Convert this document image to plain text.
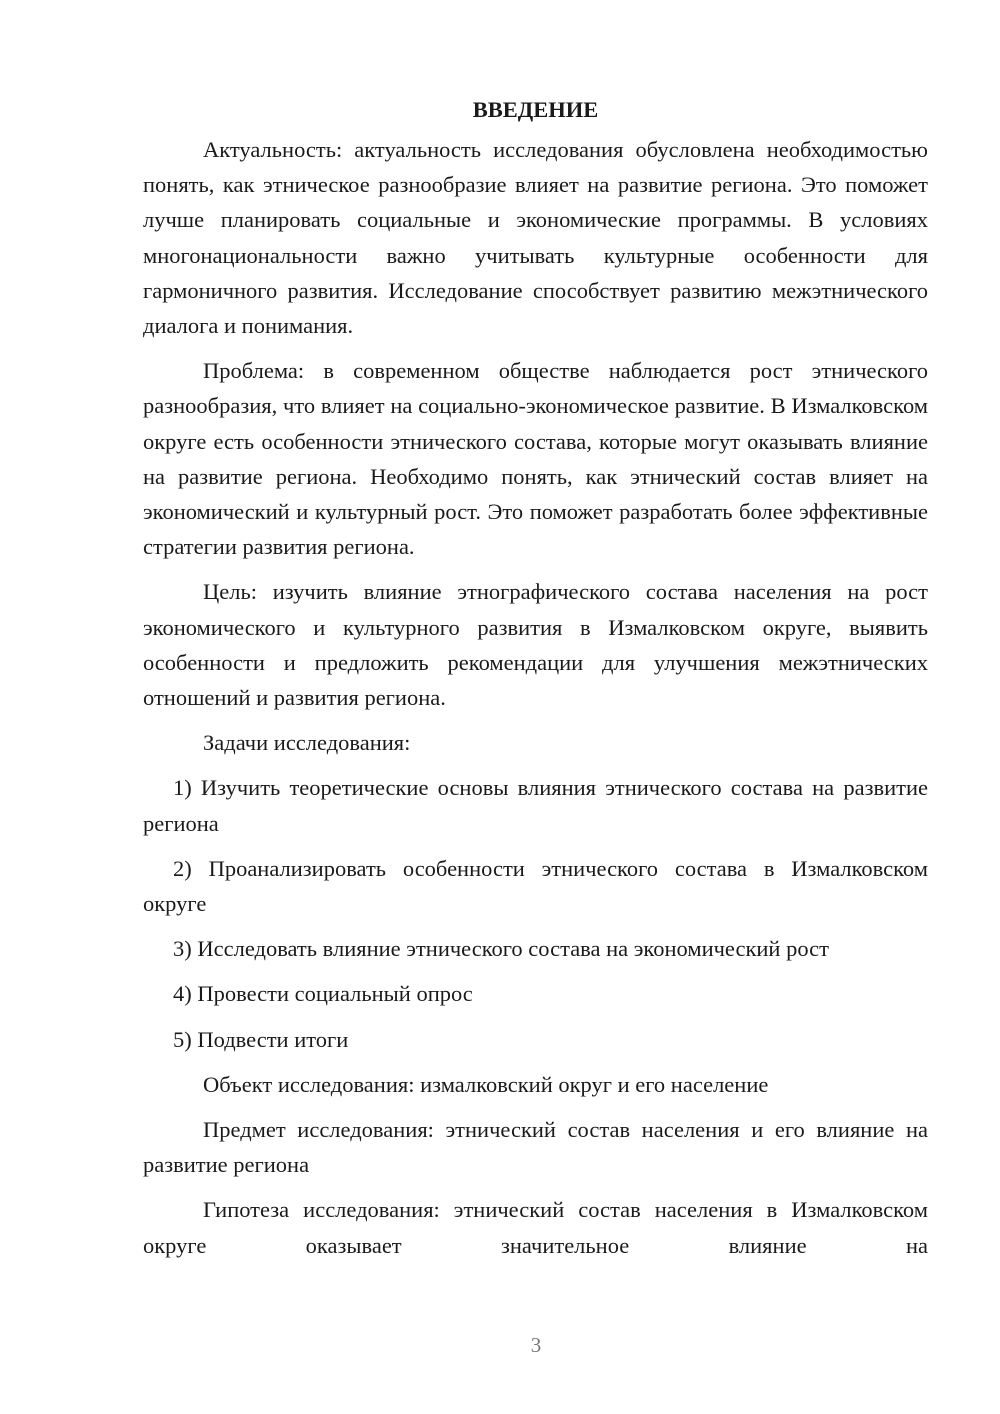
ВВЕДЕНИЕ

Актуальность: актуальность исследования обусловлена необходимостью понять, как этническое разнообразие влияет на развитие региона. Это поможет лучше планировать социальные и экономические программы. В условиях многонациональности важно учитывать культурные особенности для гармоничного развития. Исследование способствует развитию межэтнического диалога и понимания.

Проблема: в современном обществе наблюдается рост этнического разнообразия, что влияет на социально-экономическое развитие. В Измалковском округе есть особенности этнического состава, которые могут оказывать влияние на развитие региона. Необходимо понять, как этнический состав влияет на экономический и культурный рост. Это поможет разработать более эффективные стратегии развития региона.

Цель: изучить влияние этнографического состава населения на рост экономического и культурного развития в Измалковском округе, выявить особенности и предложить рекомендации для улучшения межэтнических отношений и развития региона.

Задачи исследования:

1) Изучить теоретические основы влияния этнического состава на развитие региона

2) Проанализировать особенности этнического состава в Измалковском округе

3) Исследовать влияние этнического состава на экономический рост

4) Провести социальный опрос

5) Подвести итоги

Объект исследования: измалковский округ и его население

Предмет исследования: этнический состав населения и его влияние на развитие региона

Гипотеза исследования: этнический состав населения в Измалковском округе оказывает значительное влияние на

3
